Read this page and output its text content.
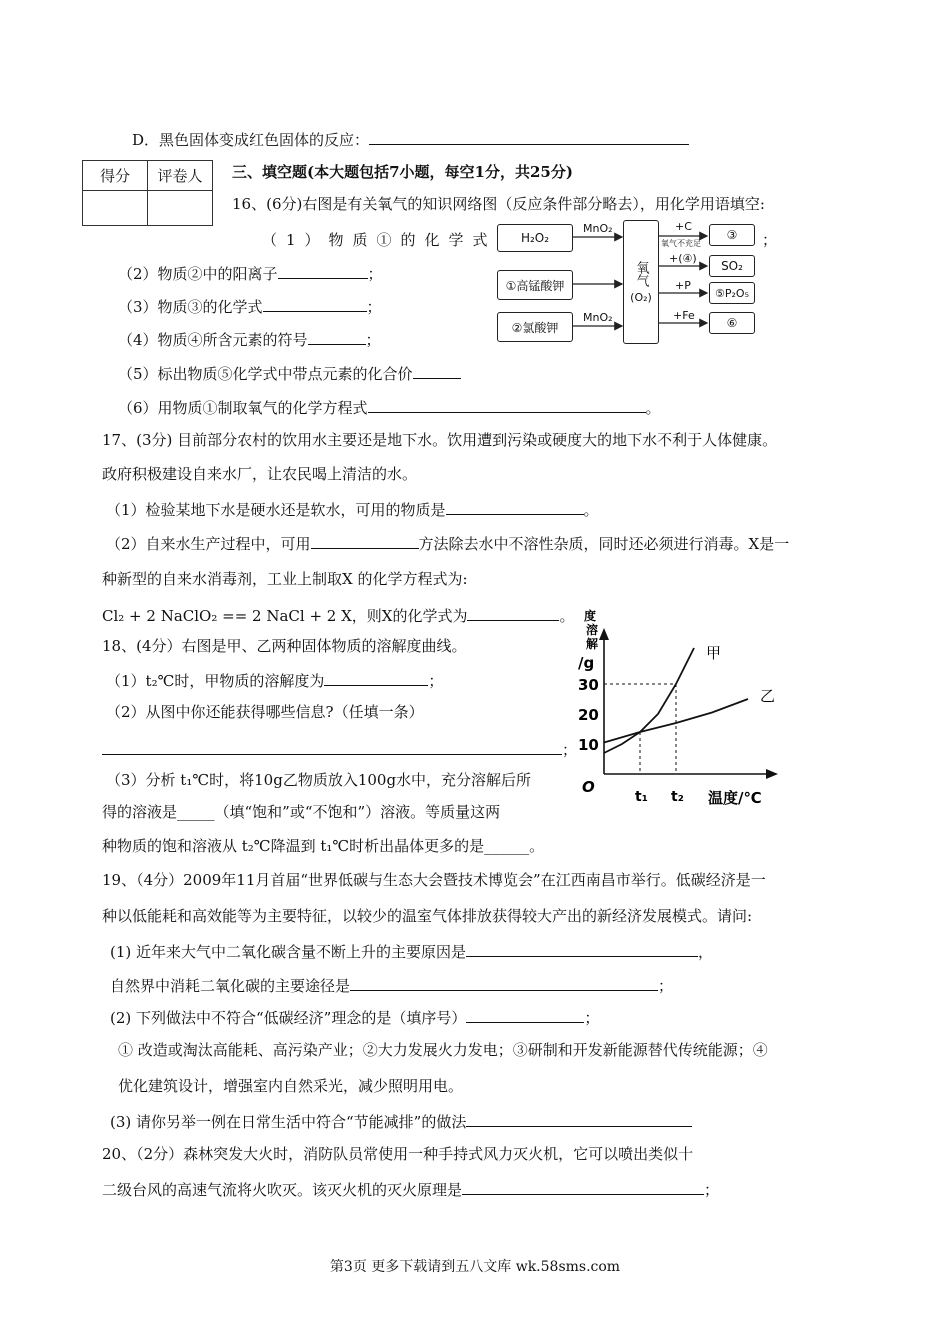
D．黑色固体变成红色固体的反应：
得分	评卷人
	三、填空题(本大题包括7小题，每空1分，共25分)
16、(6分)右图是有关氧气的知识网络图（反应条件部分略去），用化学用语填空:
（1）物质①的化学式	；
（2）物质②中的阳离子	；
（3）物质③的化学式	；
（4）物质④所含元素的符号	；
（5）标出物质⑤化学式中带点元素的化合价
（6）用物质①制取氧气的化学方程式	。
H₂O₂
①高锰酸钾
②氯酸钾
氧气
(O₂)
③
SO₂
⑤P₂O₅
⑥
MnO₂
MnO₂
+C
氧气不充足
+(④)
+P
+Fe
17、(3分) 目前部分农村的饮用水主要还是地下水。饮用遭到污染或硬度大的地下水不利于人体健康。
政府积极建设自来水厂，让农民喝上清洁的水。
（1）检验某地下水是硬水还是软水，可用的物质是	。
（2）自来水生产过程中，可用	方法除去水中不溶性杂质，同时还必须进行消毒。X是一
种新型的自来水消毒剂，工业上制取X 的化学方程式为:
Cl₂ + 2 NaClO₂ == 2 NaCl + 2 X，则X的化学式为	。
18、(4分）右图是甲、乙两种固体物质的溶解度曲线。
（1）t₂℃时，甲物质的溶解度为	；
（2）从图中你还能获得哪些信息?（任填一条）
；
（3）分析 t₁℃时，将10g乙物质放入100g水中，充分溶解后所
得的溶液是_____（填“饱和”或“不饱和”）溶液。等质量这两
种物质的饱和溶液从 t₂℃降温到 t₁℃时析出晶体更多的是______。
度
溶
解
/g
10
20
30
O
t₁ t₂ 温度/℃
甲
乙
19、（4分）2009年11月首届“世界低碳与生态大会暨技术博览会”在江西南昌市举行。低碳经济是一
种以低能耗和高效能等为主要特征，以较少的温室气体排放获得较大产出的新经济发展模式。请问:
(1) 近年来大气中二氧化碳含量不断上升的主要原因是	，
自然界中消耗二氧化碳的主要途径是	；
(2) 下列做法中不符合“低碳经济”理念的是（填序号）	；
① 改造或淘汰高能耗、高污染产业；②大力发展火力发电；③研制和开发新能源替代传统能源；④
优化建筑设计，增强室内自然采光，减少照明用电。
(3) 请你另举一例在日常生活中符合“节能减排”的做法
20、（2分）森林突发大火时，消防队员常使用一种手持式风力灭火机，它可以喷出类似十
二级台风的高速气流将火吹灭。该灭火机的灭火原理是	；
第3页 更多下载请到五八文库 wk.58sms.com
